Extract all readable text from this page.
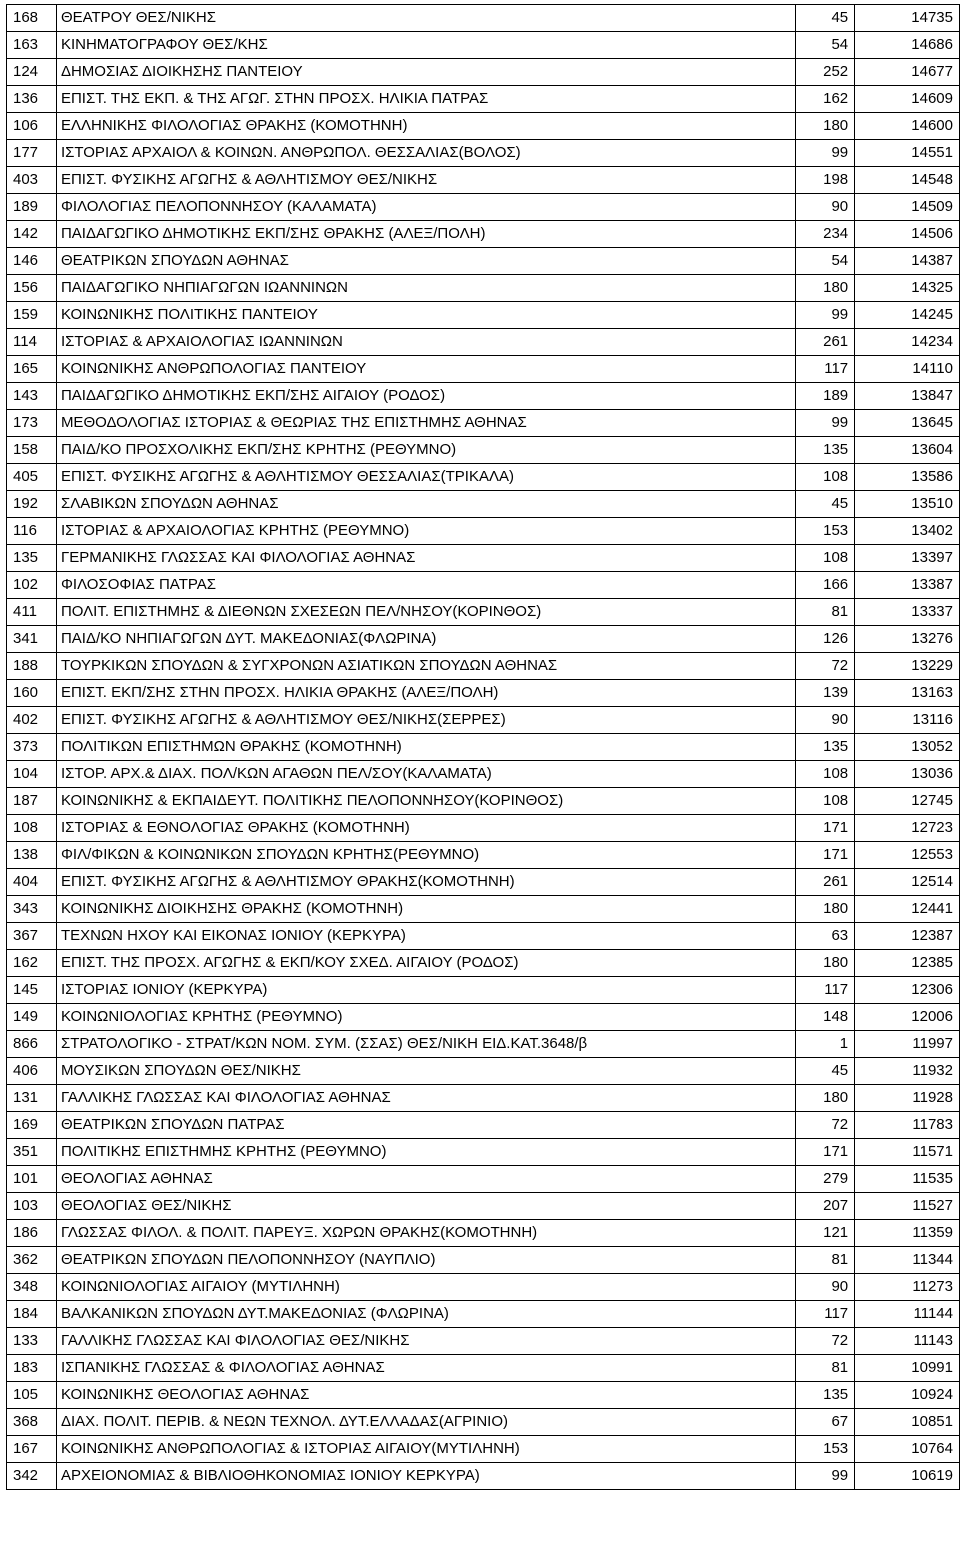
168	ΘΕΑΤΡΟΥ ΘΕΣ/ΝΙΚΗΣ	45	14735
163	ΚΙΝΗΜΑΤΟΓΡΑΦΟΥ ΘΕΣ/ΚΗΣ	54	14686
124	ΔΗΜΟΣΙΑΣ ΔΙΟΙΚΗΣΗΣ ΠΑΝΤΕΙΟΥ	252	14677
136	ΕΠΙΣΤ. ΤΗΣ ΕΚΠ. & ΤΗΣ ΑΓΩΓ. ΣΤΗΝ ΠΡΟΣΧ. ΗΛΙΚΙΑ ΠΑΤΡΑΣ	162	14609
106	ΕΛΛΗΝΙΚΗΣ ΦΙΛΟΛΟΓΙΑΣ ΘΡΑΚΗΣ (ΚΟΜΟΤΗΝΗ)	180	14600
177	ΙΣΤΟΡΙΑΣ ΑΡΧΑΙΟΛ & ΚΟΙΝΩΝ. ΑΝΘΡΩΠΟΛ. ΘΕΣΣΑΛΙΑΣ(ΒΟΛΟΣ)	99	14551
403	ΕΠΙΣΤ. ΦΥΣΙΚΗΣ ΑΓΩΓΗΣ & ΑΘΛΗΤΙΣΜΟΥ ΘΕΣ/ΝΙΚΗΣ	198	14548
189	ΦΙΛΟΛΟΓΙΑΣ ΠΕΛΟΠΟΝΝΗΣΟΥ (ΚΑΛΑΜΑΤΑ)	90	14509
142	ΠΑΙΔΑΓΩΓΙΚΟ ΔΗΜΟΤΙΚΗΣ ΕΚΠ/ΣΗΣ ΘΡΑΚΗΣ (ΑΛΕΞ/ΠΟΛΗ)	234	14506
146	ΘΕΑΤΡΙΚΩΝ ΣΠΟΥΔΩΝ ΑΘΗΝΑΣ	54	14387
156	ΠΑΙΔΑΓΩΓΙΚΟ ΝΗΠΙΑΓΩΓΩΝ ΙΩΑΝΝΙΝΩΝ	180	14325
159	ΚΟΙΝΩΝΙΚΗΣ ΠΟΛΙΤΙΚΗΣ ΠΑΝΤΕΙΟΥ	99	14245
114	ΙΣΤΟΡΙΑΣ & ΑΡΧΑΙΟΛΟΓΙΑΣ ΙΩΑΝΝΙΝΩΝ	261	14234
165	ΚΟΙΝΩΝΙΚΗΣ ΑΝΘΡΩΠΟΛΟΓΙΑΣ ΠΑΝΤΕΙΟΥ	117	14110
143	ΠΑΙΔΑΓΩΓΙΚΟ ΔΗΜΟΤΙΚΗΣ ΕΚΠ/ΣΗΣ ΑΙΓΑΙΟΥ (ΡΟΔΟΣ)	189	13847
173	ΜΕΘΟΔΟΛΟΓΙΑΣ ΙΣΤΟΡΙΑΣ & ΘΕΩΡΙΑΣ ΤΗΣ ΕΠΙΣΤΗΜΗΣ ΑΘΗΝΑΣ	99	13645
158	ΠΑΙΔ/ΚΟ ΠΡΟΣΧΟΛΙΚΗΣ ΕΚΠ/ΣΗΣ ΚΡΗΤΗΣ (ΡΕΘΥΜΝΟ)	135	13604
405	ΕΠΙΣΤ. ΦΥΣΙΚΗΣ ΑΓΩΓΗΣ & ΑΘΛΗΤΙΣΜΟΥ ΘΕΣΣΑΛΙΑΣ(ΤΡΙΚΑΛΑ)	108	13586
192	ΣΛΑΒΙΚΩΝ ΣΠΟΥΔΩΝ ΑΘΗΝΑΣ	45	13510
116	ΙΣΤΟΡΙΑΣ & ΑΡΧΑΙΟΛΟΓΙΑΣ ΚΡΗΤΗΣ (ΡΕΘΥΜΝΟ)	153	13402
135	ΓΕΡΜΑΝΙΚΗΣ ΓΛΩΣΣΑΣ ΚΑΙ ΦΙΛΟΛΟΓΙΑΣ ΑΘΗΝΑΣ	108	13397
102	ΦΙΛΟΣΟΦΙΑΣ ΠΑΤΡΑΣ	166	13387
411	ΠΟΛΙΤ. ΕΠΙΣΤΗΜΗΣ & ΔΙΕΘΝΩΝ ΣΧΕΣΕΩΝ ΠΕΛ/ΝΗΣΟΥ(ΚΟΡΙΝΘΟΣ)	81	13337
341	ΠΑΙΔ/ΚΟ ΝΗΠΙΑΓΩΓΩΝ ΔΥΤ. ΜΑΚΕΔΟΝΙΑΣ(ΦΛΩΡΙΝΑ)	126	13276
188	ΤΟΥΡΚΙΚΩΝ ΣΠΟΥΔΩΝ & ΣΥΓΧΡΟΝΩΝ ΑΣΙΑΤΙΚΩΝ ΣΠΟΥΔΩΝ ΑΘΗΝΑΣ	72	13229
160	ΕΠΙΣΤ. ΕΚΠ/ΣΗΣ ΣΤΗΝ ΠΡΟΣΧ. ΗΛΙΚΙΑ ΘΡΑΚΗΣ (ΑΛΕΞ/ΠΟΛΗ)	139	13163
402	ΕΠΙΣΤ. ΦΥΣΙΚΗΣ ΑΓΩΓΗΣ & ΑΘΛΗΤΙΣΜΟΥ ΘΕΣ/ΝΙΚΗΣ(ΣΕΡΡΕΣ)	90	13116
373	ΠΟΛΙΤΙΚΩΝ ΕΠΙΣΤΗΜΩΝ ΘΡΑΚΗΣ (ΚΟΜΟΤΗΝΗ)	135	13052
104	ΙΣΤΟΡ. ΑΡΧ.& ΔΙΑΧ. ΠΟΛ/ΚΩΝ ΑΓΑΘΩΝ ΠΕΛ/ΣΟΥ(ΚΑΛΑΜΑΤΑ)	108	13036
187	ΚΟΙΝΩΝΙΚΗΣ & ΕΚΠΑΙΔΕΥΤ. ΠΟΛΙΤΙΚΗΣ ΠΕΛΟΠΟΝΝΗΣΟΥ(ΚΟΡΙΝΘΟΣ)	108	12745
108	ΙΣΤΟΡΙΑΣ & ΕΘΝΟΛΟΓΙΑΣ ΘΡΑΚΗΣ (ΚΟΜΟΤΗΝΗ)	171	12723
138	ΦΙΛ/ΦΙΚΩΝ & ΚΟΙΝΩΝΙΚΩΝ ΣΠΟΥΔΩΝ ΚΡΗΤΗΣ(ΡΕΘΥΜΝΟ)	171	12553
404	ΕΠΙΣΤ. ΦΥΣΙΚΗΣ ΑΓΩΓΗΣ & ΑΘΛΗΤΙΣΜΟΥ ΘΡΑΚΗΣ(ΚΟΜΟΤΗΝΗ)	261	12514
343	ΚΟΙΝΩΝΙΚΗΣ ΔΙΟΙΚΗΣΗΣ ΘΡΑΚΗΣ (ΚΟΜΟΤΗΝΗ)	180	12441
367	ΤΕΧΝΩΝ ΗΧΟΥ ΚΑΙ ΕΙΚΟΝΑΣ ΙΟΝΙΟΥ (ΚΕΡΚΥΡΑ)	63	12387
162	ΕΠΙΣΤ. ΤΗΣ ΠΡΟΣΧ. ΑΓΩΓΗΣ & ΕΚΠ/ΚΟΥ ΣΧΕΔ. ΑΙΓΑΙΟΥ (ΡΟΔΟΣ)	180	12385
145	ΙΣΤΟΡΙΑΣ ΙΟΝΙΟΥ (ΚΕΡΚΥΡΑ)	117	12306
149	ΚΟΙΝΩΝΙΟΛΟΓΙΑΣ ΚΡΗΤΗΣ (ΡΕΘΥΜΝΟ)	148	12006
866	ΣΤΡΑΤΟΛΟΓΙΚΟ - ΣΤΡΑΤ/ΚΩΝ ΝΟΜ. ΣΥΜ. (ΣΣΑΣ) ΘΕΣ/ΝΙΚΗ ΕΙΔ.ΚΑΤ.3648/β	1	11997
406	ΜΟΥΣΙΚΩΝ ΣΠΟΥΔΩΝ ΘΕΣ/ΝΙΚΗΣ	45	11932
131	ΓΑΛΛΙΚΗΣ ΓΛΩΣΣΑΣ ΚΑΙ ΦΙΛΟΛΟΓΙΑΣ ΑΘΗΝΑΣ	180	11928
169	ΘΕΑΤΡΙΚΩΝ ΣΠΟΥΔΩΝ ΠΑΤΡΑΣ	72	11783
351	ΠΟΛΙΤΙΚΗΣ ΕΠΙΣΤΗΜΗΣ ΚΡΗΤΗΣ (ΡΕΘΥΜΝΟ)	171	11571
101	ΘΕΟΛΟΓΙΑΣ ΑΘΗΝΑΣ	279	11535
103	ΘΕΟΛΟΓΙΑΣ ΘΕΣ/ΝΙΚΗΣ	207	11527
186	ΓΛΩΣΣΑΣ ΦΙΛΟΛ. & ΠΟΛΙΤ. ΠΑΡΕΥΞ. ΧΩΡΩΝ ΘΡΑΚΗΣ(ΚΟΜΟΤΗΝΗ)	121	11359
362	ΘΕΑΤΡΙΚΩΝ ΣΠΟΥΔΩΝ ΠΕΛΟΠΟΝΝΗΣΟΥ (ΝΑΥΠΛΙΟ)	81	11344
348	ΚΟΙΝΩΝΙΟΛΟΓΙΑΣ ΑΙΓΑΙΟΥ (ΜΥΤΙΛΗΝΗ)	90	11273
184	ΒΑΛΚΑΝΙΚΩΝ ΣΠΟΥΔΩΝ ΔΥΤ.ΜΑΚΕΔΟΝΙΑΣ (ΦΛΩΡΙΝΑ)	117	11144
133	ΓΑΛΛΙΚΗΣ ΓΛΩΣΣΑΣ ΚΑΙ ΦΙΛΟΛΟΓΙΑΣ ΘΕΣ/ΝΙΚΗΣ	72	11143
183	ΙΣΠΑΝΙΚΗΣ ΓΛΩΣΣΑΣ & ΦΙΛΟΛΟΓΙΑΣ ΑΘΗΝΑΣ	81	10991
105	ΚΟΙΝΩΝΙΚΗΣ ΘΕΟΛΟΓΙΑΣ ΑΘΗΝΑΣ	135	10924
368	ΔΙΑΧ. ΠΟΛΙΤ. ΠΕΡΙΒ. & ΝΕΩΝ ΤΕΧΝΟΛ. ΔΥΤ.ΕΛΛΑΔΑΣ(ΑΓΡΙΝΙΟ)	67	10851
167	ΚΟΙΝΩΝΙΚΗΣ ΑΝΘΡΩΠΟΛΟΓΙΑΣ & ΙΣΤΟΡΙΑΣ ΑΙΓΑΙΟΥ(ΜΥΤΙΛΗΝΗ)	153	10764
342	ΑΡΧΕΙΟΝΟΜΙΑΣ & ΒΙΒΛΙΟΘΗΚΟΝΟΜΙΑΣ ΙΟΝΙΟΥ ΚΕΡΚΥΡΑ)	99	10619
